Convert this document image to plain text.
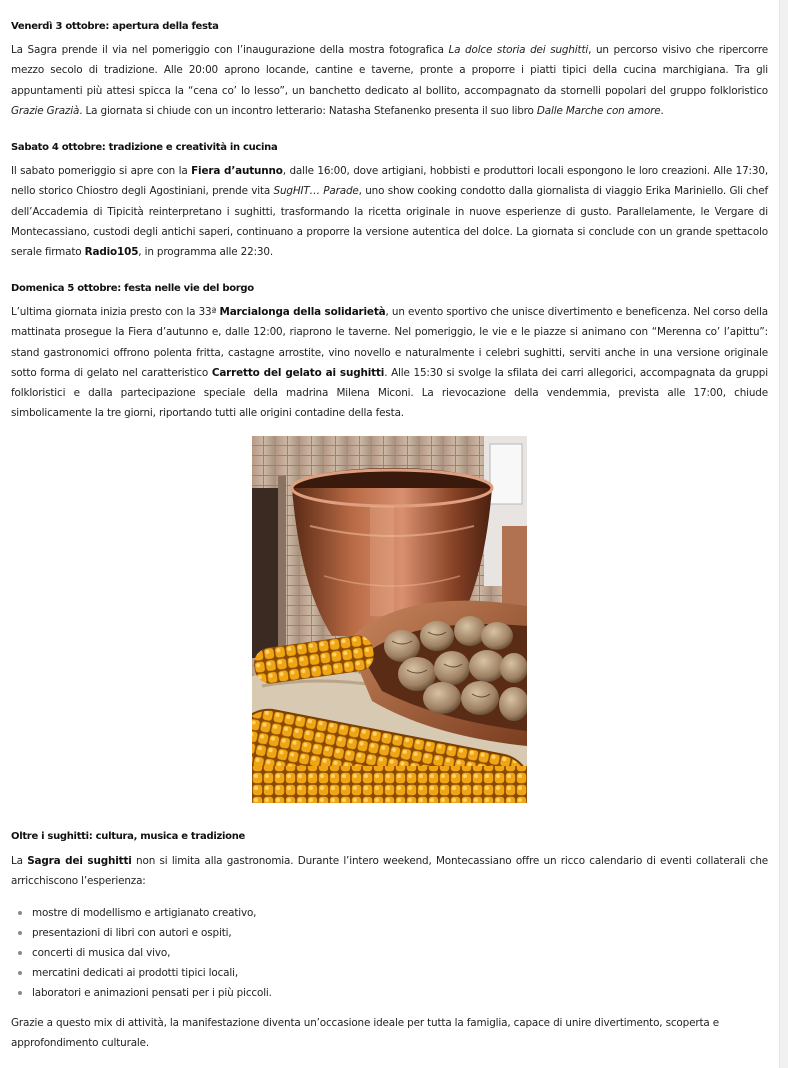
Venerdì 3 ottobre: apertura della festa

La Sagra prende il via nel pomeriggio con l’inaugurazione della mostra fotografica La dolce storia dei sughitti, un percorso visivo che ripercorre mezzo secolo di tradizione. Alle 20:00 aprono locande, cantine e taverne, pronte a proporre i piatti tipici della cucina marchigiana. Tra gli appuntamenti più attesi spicca la “cena co’ lo lesso”, un banchetto dedicato al bollito, accompagnato da stornelli popolari del gruppo folkloristico Grazie Grazià. La giornata si chiude con un incontro letterario: Natasha Stefanenko presenta il suo libro Dalle Marche con amore.

Sabato 4 ottobre: tradizione e creatività in cucina

Il sabato pomeriggio si apre con la Fiera d’autunno, dalle 16:00, dove artigiani, hobbisti e produttori locali espongono le loro creazioni. Alle 17:30, nello storico Chiostro degli Agostiniani, prende vita SugHIT… Parade, uno show cooking condotto dalla giornalista di viaggio Erika Mariniello. Gli chef dell’Accademia di Tipicità reinterpretano i sughitti, trasformando la ricetta originale in nuove esperienze di gusto. Parallelamente, le Vergare di Montecassiano, custodi degli antichi saperi, continuano a proporre la versione autentica del dolce. La giornata si conclude con un grande spettacolo serale firmato Radio105, in programma alle 22:30.

Domenica 5 ottobre: festa nelle vie del borgo

L’ultima giornata inizia presto con la 33ª Marcialonga della solidarietà, un evento sportivo che unisce divertimento e beneficenza. Nel corso della mattinata prosegue la Fiera d’autunno e, dalle 12:00, riaprono le taverne. Nel pomeriggio, le vie e le piazze si animano con “Merenna co’ l’apittu”: stand gastronomici offrono polenta fritta, castagne arrostite, vino novello e naturalmente i celebri sughitti, serviti anche in una versione originale sotto forma di gelato nel caratteristico Carretto del gelato ai sughitti. Alle 15:30 si svolge la sfilata dei carri allegorici, accompagnata da gruppi folkloristici e dalla partecipazione speciale della madrina Milena Miconi. La rievocazione della vendemmia, prevista alle 17:00, chiude simbolicamente la tre giorni, riportando tutti alle origini contadine della festa.

Oltre i sughitti: cultura, musica e tradizione

La Sagra dei sughitti non si limita alla gastronomia. Durante l’intero weekend, Montecassiano offre un ricco calendario di eventi collaterali che arricchiscono l’esperienza:

mostre di modellismo e artigianato creativo,
presentazioni di libri con autori e ospiti,
concerti di musica dal vivo,
mercatini dedicati ai prodotti tipici locali,
laboratori e animazioni pensati per i più piccoli.

Grazie a questo mix di attività, la manifestazione diventa un’occasione ideale per tutta la famiglia, capace di unire divertimento, scoperta e approfondimento culturale.
